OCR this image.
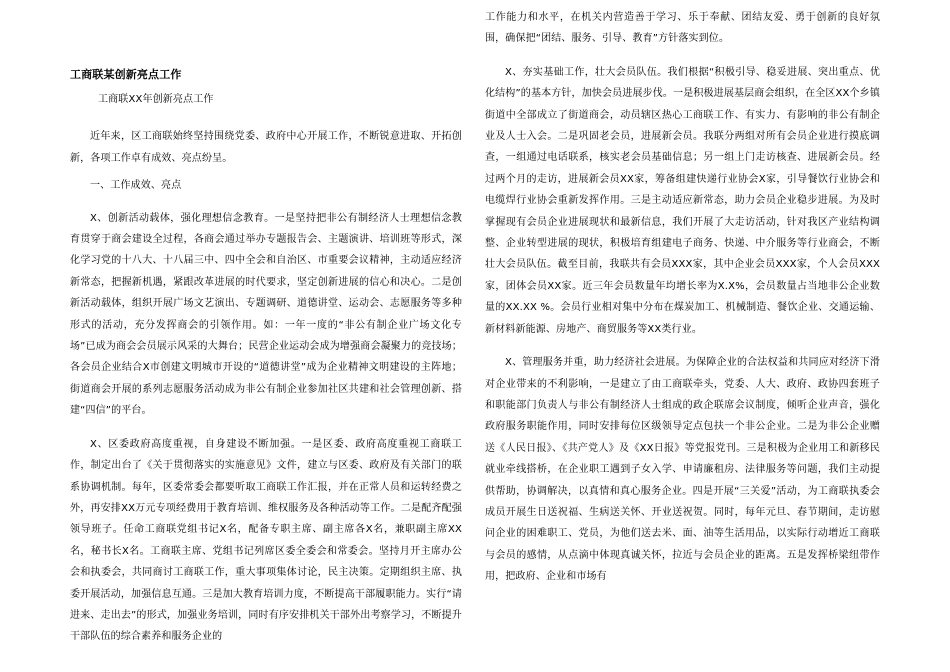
工商联某创新亮点工作
工商联XX年创新亮点工作

近年来，区工商联始终坚持围绕党委、政府中心开展工作，不断锐意进取、开拓创新，各项工作卓有成效、亮点纷呈。

一、工作成效、亮点

X、创新活动载体，强化理想信念教育。一是坚持把非公有制经济人士理想信念教育贯穿于商会建设全过程，各商会通过举办专题报告会、主题演讲、培训班等形式，深化学习党的十八大、十八届三中、四中全会和自治区、市重要会议精神，主动适应经济新常态，把握新机遇，紧跟改革进展的时代要求，坚定创新进展的信心和决心。二是创新活动载体，组织开展广场文艺演出、专题调研、道德讲堂、运动会、志愿服务等多种形式的活动，充分发挥商会的引领作用。如：一年一度的“非公有制企业广场文化专场”已成为商会会员展示风采的大舞台；民营企业运动会成为增强商会凝聚力的竞技场；各会员企业结合X市创建文明城市开设的“道德讲堂”成为企业精神文明建设的主阵地；街道商会开展的系列志愿服务活动成为非公有制企业参加社区共建和社会管理创新、搭建“四信”的平台。

X、区委政府高度重视，自身建设不断加强。一是区委、政府高度重视工商联工作，制定出台了《关于贯彻落实的实施意见》文件，建立与区委、政府及有关部门的联系协调机制。每年，区委常委会都要听取工商联工作汇报，并在正常人员和运转经费之外，再安排XX万元专项经费用于教育培训、维权服务及各种活动等工作。二是配齐配强领导班子。任命工商联党组书记X名，配备专职主席、副主席各X名，兼职副主席XX名，秘书长X名。工商联主席、党组书记列席区委全委会和常委会。坚持月开主席办公会和执委会，共同商讨工商联工作，重大事项集体讨论，民主决策。定期组织主席、执委开展活动，加强信息互通。三是加大教育培训力度，不断提高干部履职能力。实行“请进来、走出去”的形式，加强业务培训，同时有序安排机关干部外出考察学习，不断提升干部队伍的综合素养和服务企业的

工作能力和水平，在机关内营造善于学习、乐于奉献、团结友爱、勇于创新的良好氛围，确保把“团结、服务、引导、教育”方针落实到位。

X、夯实基础工作，壮大会员队伍。我们根据“积极引导、稳妥进展、突出重点、优化结构”的基本方针，加快会员进展步伐。一是积极进展基层商会组织，在全区XX个乡镇街道中全部成立了街道商会，动员辖区热心工商联工作、有实力、有影响的非公有制企业及人士入会。二是巩固老会员，进展新会员。我联分两组对所有会员企业进行摸底调查，一组通过电话联系，核实老会员基础信息；另一组上门走访核查、进展新会员。经过两个月的走访，进展新会员XX家，筹备组建快递行业协会X家，引导餐饮行业协会和电缆焊行业协会重新发挥作用。三是主动适应新常态，助力会员企业稳步进展。为及时掌握现有会员企业进展现状和最新信息，我们开展了大走访活动，针对我区产业结构调整、企业转型进展的现状，积极培育组建电子商务、快递、中介服务等行业商会，不断壮大会员队伍。截至目前，我联共有会员XXX家，其中企业会员XXX家，个人会员XXX家，团体会员XX家。近三年会员数量年均增长率为X.X%，会员数量占当地非公企业数量的XX.XX %。会员行业相对集中分布在煤炭加工、机械制造、餐饮企业、交通运输、新材料新能源、房地产、商贸服务等XX类行业。

X、管理服务并重，助力经济社会进展。为保障企业的合法权益和共同应对经济下滑对企业带来的不利影响，一是建立了由工商联牵头，党委、人大、政府、政协四套班子和职能部门负责人与非公有制经济人士组成的政企联席会议制度，倾听企业声音，强化政府服务职能作用，同时安排每位区级领导定点包扶一个非公企业。二是为非公企业赠送《人民日报》、《共产党人》及《XX日报》等党报党刊。三是积极为企业用工和新移民就业牵线搭桥，在企业职工遇到子女入学、申请廉租房、法律服务等问题，我们主动提供帮助，协调解决，以真情和真心服务企业。四是开展“三关爱”活动，为工商联执委会成员开展生日送祝福、生病送关怀、开业送祝贺。同时，每年元旦、春节期间，走访慰问企业的困难职工、党员，为他们送去米、面、油等生活用品，以实际行动增近工商联与会员的感情，从点滴中体现真诚关怀，拉近与会员企业的距离。五是发挥桥梁纽带作用，把政府、企业和市场有
